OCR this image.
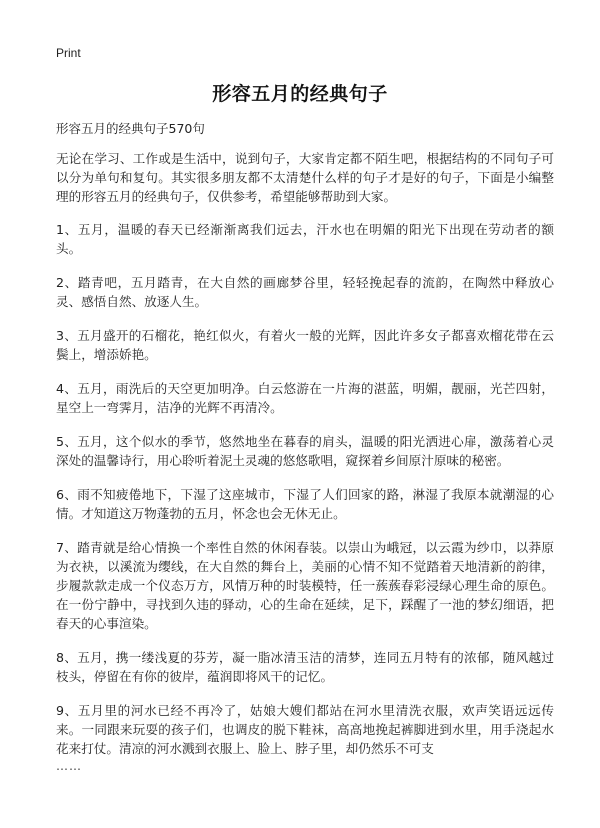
Print
形容五月的经典句子
形容五月的经典句子570句

无论在学习、工作或是生活中，说到句子，大家肯定都不陌生吧，根据结构的不同句子可以分为单句和复句。其实很多朋友都不太清楚什么样的句子才是好的句子，下面是小编整理的形容五月的经典句子，仅供参考，希望能够帮助到大家。

1、五月，温暖的春天已经渐渐离我们远去，汗水也在明媚的阳光下出现在劳动者的额头。

2、踏青吧，五月踏青，在大自然的画廊梦谷里，轻轻挽起春的流韵，在陶然中释放心灵、感悟自然、放逐人生。

3、五月盛开的石榴花，艳红似火，有着火一般的光辉，因此许多女子都喜欢榴花带在云鬓上，增添娇艳。

4、五月，雨洗后的天空更加明净。白云悠游在一片海的湛蓝，明媚，靓丽，光芒四射，星空上一弯霁月，洁净的光辉不再清冷。

5、五月，这个似水的季节，悠然地坐在暮春的肩头，温暖的阳光洒进心扉，激荡着心灵深处的温馨诗行，用心聆听着泥土灵魂的悠悠歌唱，窥探着乡间原汁原味的秘密。

6、雨不知疲倦地下，下湿了这座城市，下湿了人们回家的路，淋湿了我原本就潮湿的心情。才知道这万物蓬勃的五月，怀念也会无休无止。

7、踏青就是给心情换一个率性自然的休闲春装。以崇山为峨冠，以云霞为纱巾，以莽原为衣袂，以溪流为缨线，在大自然的舞台上，美丽的心情不知不觉踏着天地清新的韵律，步履款款走成一个仪态万方，风情万种的时装模特，任一蔟蔟春彩浸绿心理生命的原色。在一份宁静中，寻找到久违的驿动，心的生命在延续，足下，踩醒了一池的梦幻细语，把春天的心事渲染。

8、五月，携一缕浅夏的芬芳，凝一脂冰清玉洁的清梦，连同五月特有的浓郁，随风越过枝头，停留在有你的彼岸，蕴润即将风干的记忆。

9、五月里的河水已经不再冷了，姑娘大嫂们都站在河水里清洗衣服，欢声笑语远远传来。一同跟来玩耍的孩子们，也调皮的脱下鞋袜，高高地挽起裤脚进到水里，用手浇起水花来打仗。清凉的河水溅到衣服上、脸上、脖子里，却仍然乐不可支

……
